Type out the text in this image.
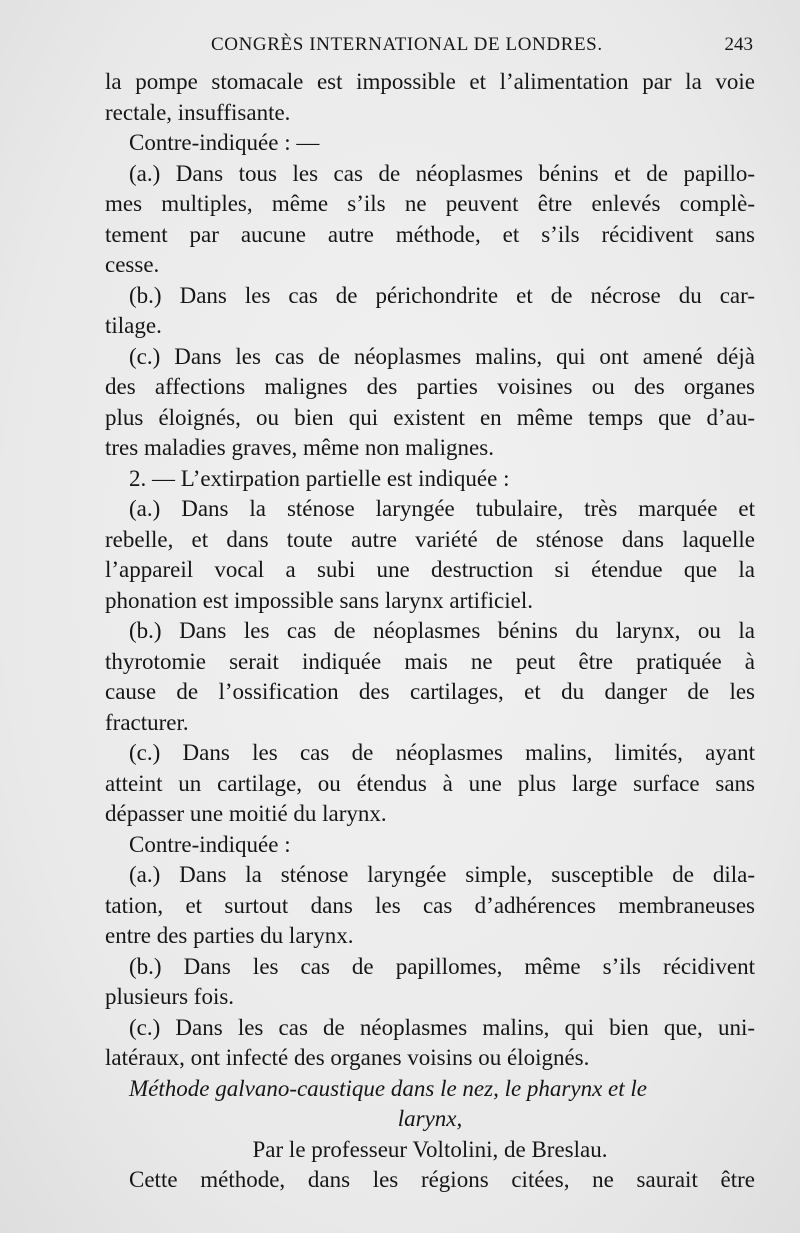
CONGRÈS INTERNATIONAL DE LONDRES.	243
la pompe stomacale est impossible et l’alimentation par la voie
rectale, insuffisante.
Contre-indiquée : —
(a.) Dans tous les cas de néoplasmes bénins et de papillo-
mes multiples, même s’ils ne peuvent être enlevés complè-
tement par aucune autre méthode, et s’ils récidivent sans
cesse.
(b.) Dans les cas de périchondrite et de nécrose du car-
tilage.
(c.) Dans les cas de néoplasmes malins, qui ont amené déjà
des affections malignes des parties voisines ou des organes
plus éloignés, ou bien qui existent en même temps que d’au-
tres maladies graves, même non malignes.
2. — L’extirpation partielle est indiquée :
(a.) Dans la sténose laryngée tubulaire, très marquée et
rebelle, et dans toute autre variété de sténose dans laquelle
l’appareil vocal a subi une destruction si étendue que la
phonation est impossible sans larynx artificiel.
(b.) Dans les cas de néoplasmes bénins du larynx, ou la
thyrotomie serait indiquée mais ne peut être pratiquée à
cause de l’ossification des cartilages, et du danger de les
fracturer.
(c.) Dans les cas de néoplasmes malins, limités, ayant
atteint un cartilage, ou étendus à une plus large surface sans
dépasser une moitié du larynx.
Contre-indiquée :
(a.) Dans la sténose laryngée simple, susceptible de dila-
tation, et surtout dans les cas d’adhérences membraneuses
entre des parties du larynx.
(b.) Dans les cas de papillomes, même s’ils récidivent
plusieurs fois.
(c.) Dans les cas de néoplasmes malins, qui bien que, uni-
latéraux, ont infecté des organes voisins ou éloignés.
Méthode galvano-caustique dans le nez, le pharynx et le
larynx,
Par le professeur Voltolini, de Breslau.
Cette méthode, dans les régions citées, ne saurait être
